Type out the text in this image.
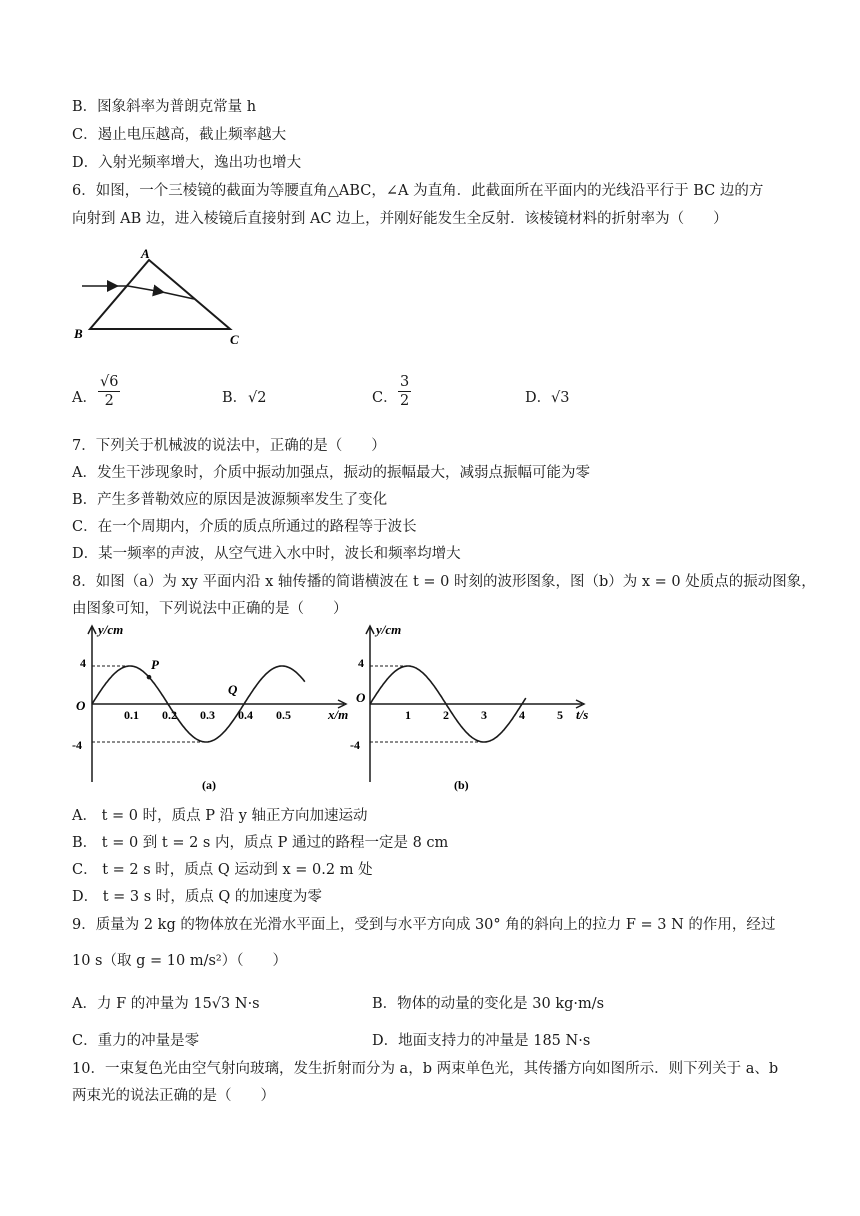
B．图象斜率为普朗克常量 h
C．遏止电压越高，截止频率越大
D．入射光频率增大，逸出功也增大
6．如图，一个三棱镜的截面为等腰直角△ABC，∠A 为直角．此截面所在平面内的光线沿平行于 BC 边的方
向射到 AB 边，进入棱镜后直接射到 AC 边上，并刚好能发生全反射．该棱镜材料的折射率为（　　）
A
B	C
A．
√6
2	B． √2	C．
3
2	D． √3
7．下列关于机械波的说法中，正确的是（　　）
A．发生干涉现象时，介质中振动加强点，振动的振幅最大，减弱点振幅可能为零
B．产生多普勒效应的原因是波源频率发生了变化
C．在一个周期内，介质的质点所通过的路程等于波长
D．某一频率的声波，从空气进入水中时，波长和频率均增大
8．如图（a）为 xy 平面内沿 x 轴传播的简谐横波在 t = 0 时刻的波形图象，图（b）为 x = 0 处质点的振动图象，
由图象可知，下列说法中正确的是（　　）
0.1 0.2 0.3 0.4 0.5
y/cm
x/m
O
4
-4
P
Q
(a)
1	2	3	4	5
y/cm
t/s
O
4
-4
(b)
A． t = 0 时，质点 P 沿 y 轴正方向加速运动
B． t = 0 到 t = 2 s 内，质点 P 通过的路程一定是 8 cm
C． t = 2 s 时，质点 Q 运动到 x = 0.2 m 处
D． t = 3 s 时，质点 Q 的加速度为零
9．质量为 2 kg 的物体放在光滑水平面上，受到与水平方向成 30° 角的斜向上的拉力 F = 3 N 的作用，经过
10 s（取 g = 10 m/s²）（　　）
A．力 F 的冲量为 15√3 N·s	B．物体的动量的变化是 30 kg·m/s
C．重力的冲量是零	D．地面支持力的冲量是 185 N·s
10．一束复色光由空气射向玻璃，发生折射而分为 a，b 两束单色光，其传播方向如图所示．则下列关于 a、b
两束光的说法正确的是（　　）
